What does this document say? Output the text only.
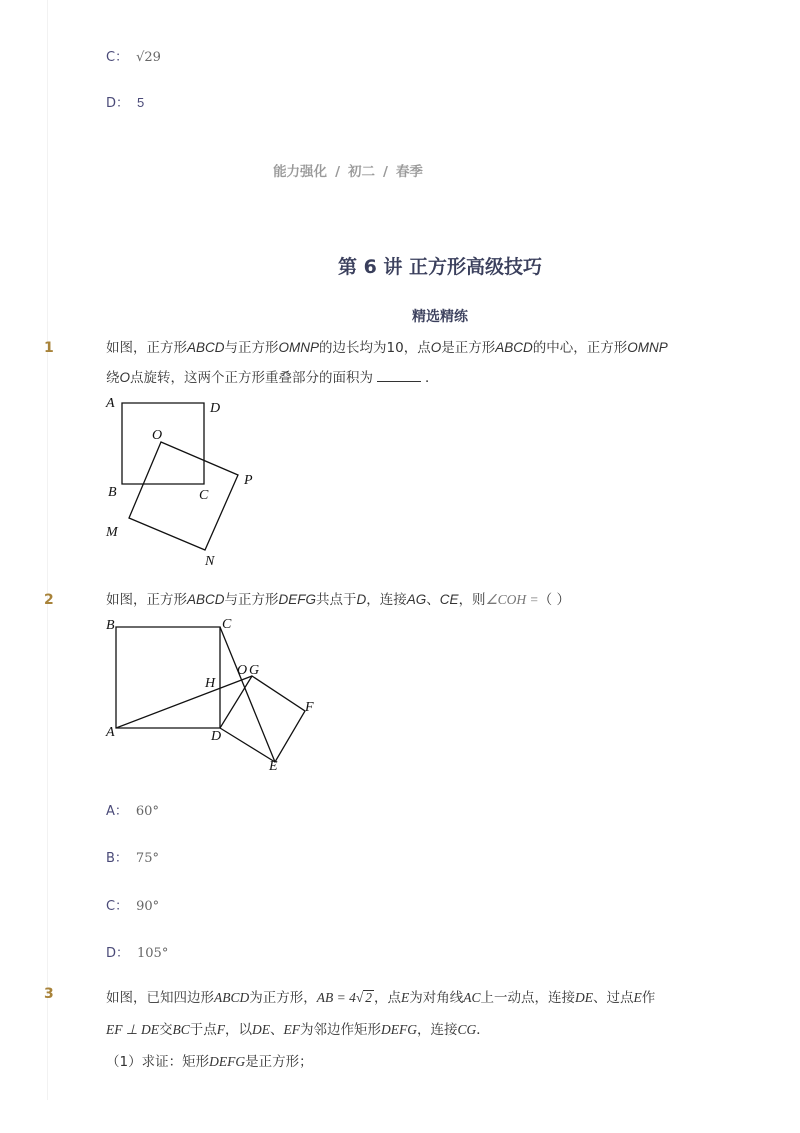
C： √29
D： 5
能力强化 / 初二 / 春季
第 6 讲 正方形高级技巧
精选精练
1	如图，正方形ABCD与正方形OMNP的边长均为10，点O是正方形ABCD的中心，正方形OMNP
绕O点旋转，这两个正方形重叠部分的面积为	．
A	D
O
B	C
P
M
N
2	如图，正方形ABCD与正方形DEFG共点于D，连接AG、CE，则∠COH =（ ）
B	C
O G
H
F
A	D
E
A： 60°
B： 75°
C： 90°
D： 105°
3	如图，已知四边形ABCD为正方形，AB = 4√ 2 ，点E为对角线AC上一动点，连接DE、过点E作
EF ⊥ DE交BC于点F，以DE、EF为邻边作矩形DEFG，连接CG．
（1）求证：矩形DEFG是正方形；
